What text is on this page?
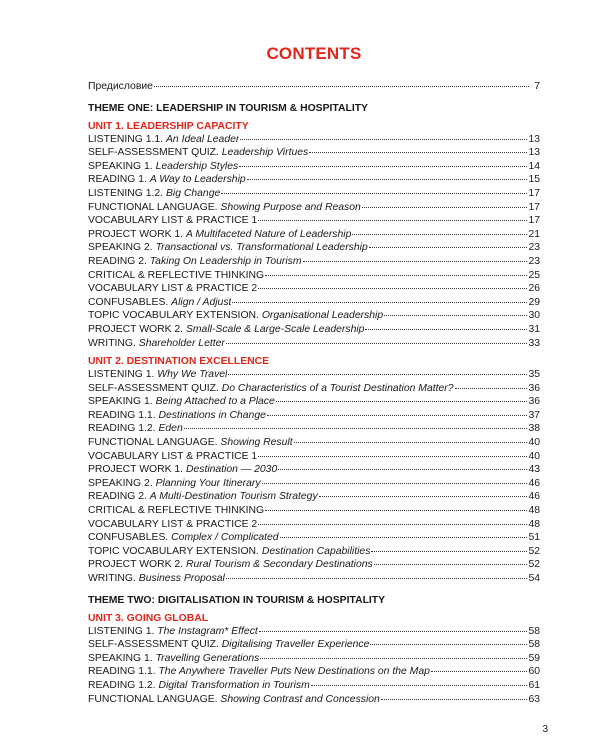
CONTENTS
Предисловие	7
THEME ONE: LEADERSHIP IN TOURISM & HOSPITALITY
UNIT 1. LEADERSHIP CAPACITY
LISTENING 1.1. An Ideal Leader	13
SELF-ASSESSMENT QUIZ. Leadership Virtues	13
SPEAKING 1. Leadership Styles	14
READING 1. A Way to Leadership	15
LISTENING 1.2. Big Change	17
FUNCTIONAL LANGUAGE. Showing Purpose and Reason	17
VOCABULARY LIST & PRACTICE 1	17
PROJECT WORK 1. A Multifaceted Nature of Leadership	21
SPEAKING 2. Transactional vs. Transformational Leadership	23
READING 2. Taking On Leadership in Tourism	23
CRITICAL & REFLECTIVE THINKING	25
VOCABULARY LIST & PRACTICE 2	26
CONFUSABLES. Align / Adjust	29
TOPIC VOCABULARY EXTENSION. Organisational Leadership	30
PROJECT WORK 2. Small-Scale & Large-Scale Leadership	31
WRITING. Shareholder Letter	33
UNIT 2. DESTINATION EXCELLENCE
LISTENING 1. Why We Travel	35
SELF-ASSESSMENT QUIZ. Do Characteristics of a Tourist Destination Matter?	36
SPEAKING 1. Being Attached to a Place	36
READING 1.1. Destinations in Change	37
READING 1.2. Eden	38
FUNCTIONAL LANGUAGE. Showing Result	40
VOCABULARY LIST & PRACTICE 1	40
PROJECT WORK 1. Destination — 2030	43
SPEAKING 2. Planning Your Itinerary	46
READING 2. A Multi-Destination Tourism Strategy	46
CRITICAL & REFLECTIVE THINKING	48
VOCABULARY LIST & PRACTICE 2	48
CONFUSABLES. Complex / Complicated	51
TOPIC VOCABULARY EXTENSION. Destination Capabilities	52
PROJECT WORK 2. Rural Tourism & Secondary Destinations	52
WRITING. Business Proposal	54
THEME TWO: DIGITALISATION IN TOURISM & HOSPITALITY
UNIT 3. GOING GLOBAL
LISTENING 1. The Instagram* Effect	58
SELF-ASSESSMENT QUIZ. Digitalising Traveller Experience	58
SPEAKING 1. Travelling Generations	59
READING 1.1. The Anywhere Traveller Puts New Destinations on the Map	60
READING 1.2. Digital Transformation in Tourism	61
FUNCTIONAL LANGUAGE. Showing Contrast and Concession	63
3
